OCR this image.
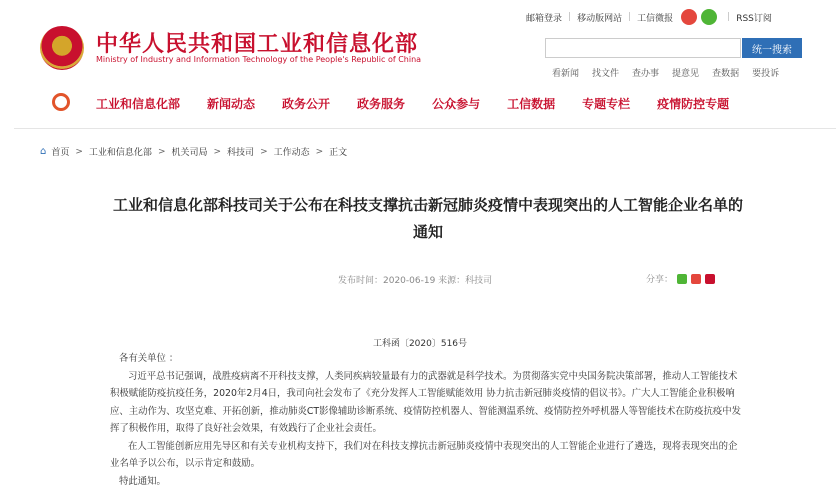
邮箱登录 | 移动版网站 | 工信微报	| RSS订阅
中华人民共和国工业和信息化部
Ministry of Industry and Information Technology of the People's Republic of China
统一搜索
看新闻 找文件 查办事 提意见 查数据 要投诉
工业和信息化部 新闻动态 政务公开 政务服务 公众参与 工信数据 专题专栏 疫情防控专题
⌂ 首页 > 工业和信息化部 > 机关司局 > 科技司 > 工作动态 > 正文
工业和信息化部科技司关于公布在科技支撑抗击新冠肺炎疫情中表现突出的人工智能企业名单的通知
发布时间：2020-06-19 来源：科技司	分享：
工科函〔2020〕516号

各有关单位 ：

习近平总书记强调，战胜疫病离不开科技支撑，人类同疾病较量最有力的武器就是科学技术。为贯彻落实党中央国务院决策部署，推动人工智能技术积极赋能防疫抗疫任务，2020年2月4日，我司向社会发布了《充分发挥人工智能赋能效用 协力抗击新冠肺炎疫情的倡议书》。广大人工智能企业积极响应、主动作为、攻坚克难、开拓创新，推动肺炎CT影像辅助诊断系统、疫情防控机器人、智能测温系统、疫情防控外呼机器人等智能技术在防疫抗疫中发挥了积极作用，取得了良好社会效果，有效践行了企业社会责任。

在人工智能创新应用先导区和有关专业机构支持下，我们对在科技支撑抗击新冠肺炎疫情中表现突出的人工智能企业进行了遴选，现将表现突出的企业名单予以公布，以示肯定和鼓励。

特此通知。
